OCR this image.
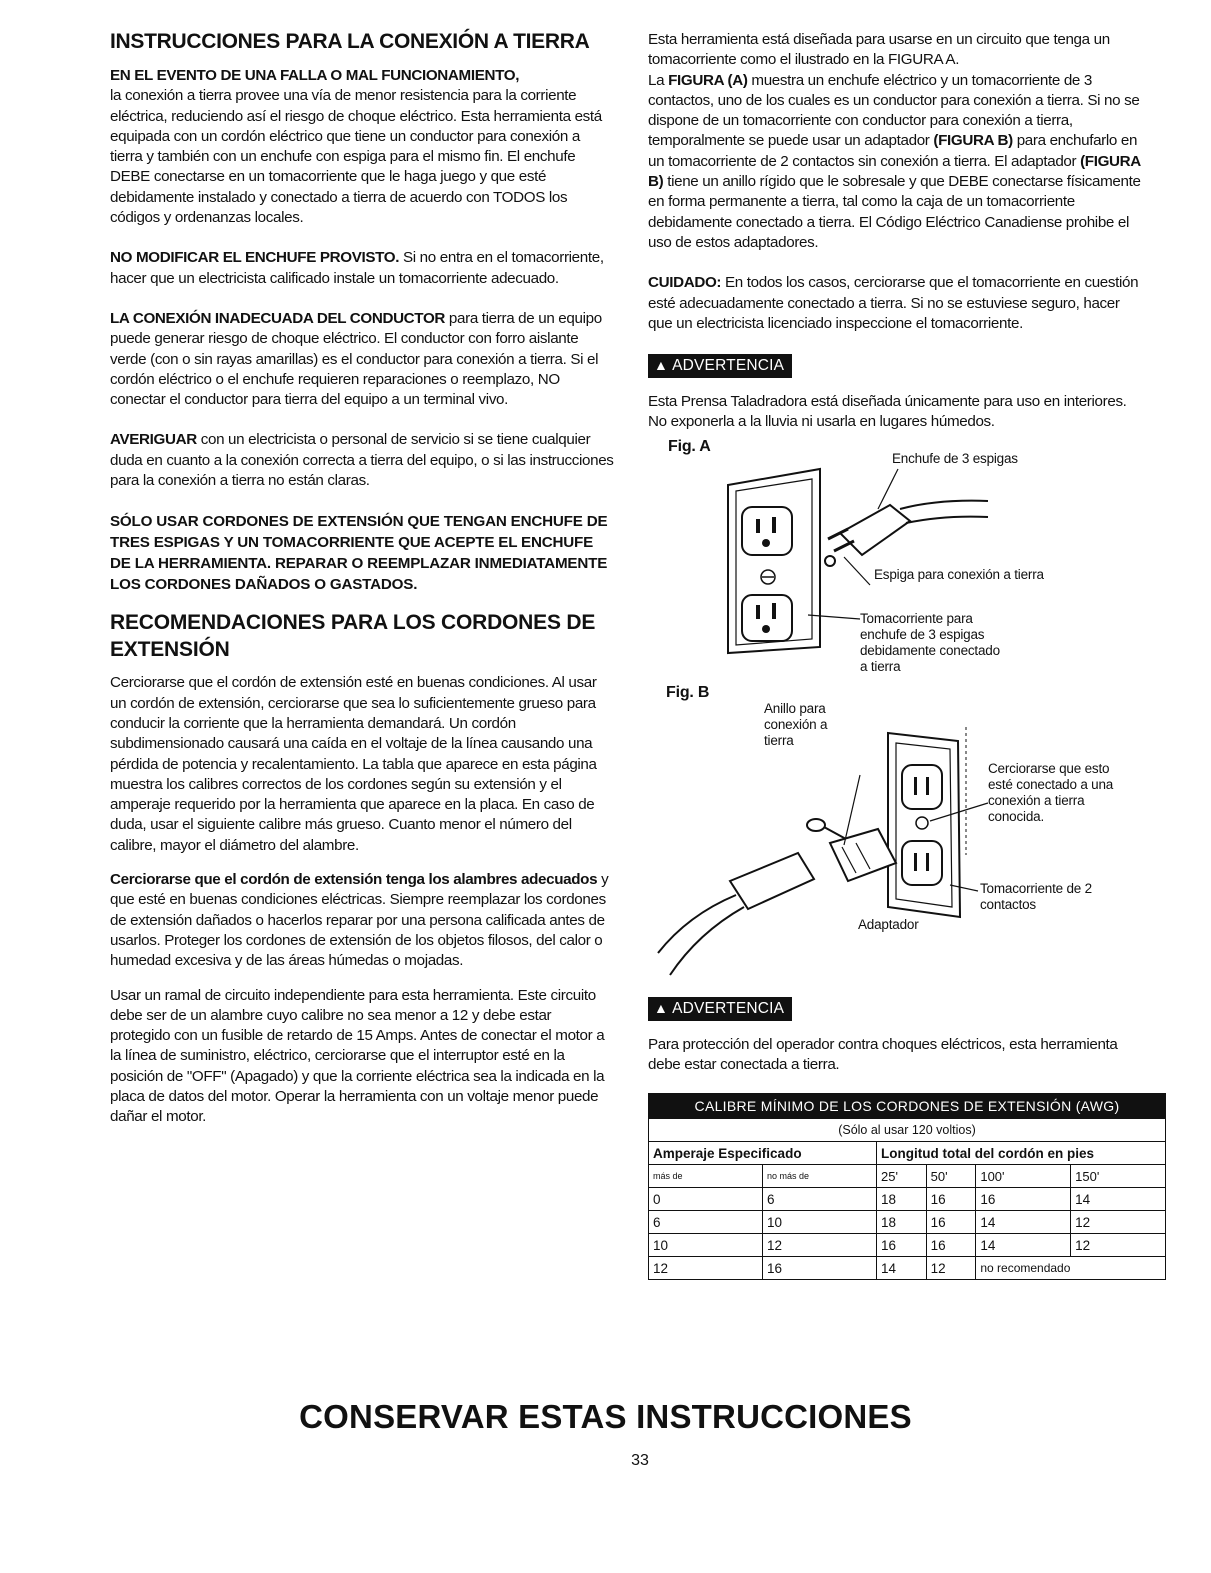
INSTRUCCIONES PARA LA CONEXIÓN A TIERRA

EN EL EVENTO DE UNA FALLA O MAL FUNCIONAMIENTO,
la conexión a tierra provee una vía de menor resistencia para la corriente eléctrica, reduciendo así el riesgo de choque eléctrico. Esta herramienta está equipada con un cordón eléctrico que tiene un conductor para conexión a tierra y también con un enchufe con espiga para el mismo fin. El enchufe DEBE conectarse en un tomacorriente que le haga juego y que esté debidamente instalado y conectado a tierra de acuerdo con TODOS los códigos y ordenanzas locales.

NO MODIFICAR EL ENCHUFE PROVISTO. Si no entra en el tomacorriente, hacer que un electricista calificado instale un tomacorriente adecuado.

LA CONEXIÓN INADECUADA DEL CONDUCTOR para tierra de un equipo puede generar riesgo de choque eléctrico. El conductor con forro aislante verde (con o sin rayas amarillas) es el conductor para conexión a tierra. Si el cordón eléctrico o el enchufe requieren reparaciones o reemplazo, NO conectar el conductor para tierra del equipo a un terminal vivo.

AVERIGUAR con un electricista o personal de servicio si se tiene cualquier duda en cuanto a la conexión correcta a tierra del equipo, o si las instrucciones para la conexión a tierra no están claras.

SÓLO USAR CORDONES DE EXTENSIÓN QUE TENGAN ENCHUFE DE TRES ESPIGAS Y UN TOMACORRIENTE QUE ACEPTE EL ENCHUFE DE LA HERRAMIENTA. REPARAR O REEMPLAZAR INMEDIATAMENTE LOS CORDONES DAÑADOS O GASTADOS.

RECOMENDACIONES PARA LOS CORDONES DE EXTENSIÓN

Cerciorarse que el cordón de extensión esté en buenas condiciones. Al usar un cordón de extensión, cerciorarse que sea lo suficientemente grueso para conducir la corriente que la herramienta demandará. Un cordón subdimensionado causará una caída en el voltaje de la línea causando una pérdida de potencia y recalentamiento. La tabla que aparece en esta página muestra los calibres correctos de los cordones según su extensión y el amperaje requerido por la herramienta que aparece en la placa. En caso de duda, usar el siguiente calibre más grueso. Cuanto menor el número del calibre, mayor el diámetro del alambre.

Cerciorarse que el cordón de extensión tenga los alambres adecuados y que esté en buenas condiciones eléctricas. Siempre reemplazar los cordones de extensión dañados o hacerlos reparar por una persona calificada antes de usarlos. Proteger los cordones de extensión de los objetos filosos, del calor o humedad excesiva y de las áreas húmedas o mojadas.

Usar un ramal de circuito independiente para esta herramienta. Este circuito debe ser de un alambre cuyo calibre no sea menor a 12 y debe estar protegido con un fusible de retardo de 15 Amps. Antes de conectar el motor a la línea de suministro, eléctrico, cerciorarse que el interruptor esté en la posición de "OFF" (Apagado) y que la corriente eléctrica sea la indicada en la placa de datos del motor. Operar la herramienta con un voltaje menor puede dañar el motor.

Esta herramienta está diseñada para usarse en un circuito que tenga un tomacorriente como el ilustrado en la FIGURA A.

La FIGURA (A) muestra un enchufe eléctrico y un tomacorriente de 3 contactos, uno de los cuales es un conductor para conexión a tierra. Si no se dispone de un tomacorriente con conductor para conexión a tierra, temporalmente se puede usar un adaptador (FIGURA B) para enchufarlo en un tomacorriente de 2 contactos sin conexión a tierra. El adaptador (FIGURA B) tiene un anillo rígido que le sobresale y que DEBE conectarse físicamente en forma permanente a tierra, tal como la caja de un tomacorriente debidamente conectado a tierra. El Código Eléctrico Canadiense prohibe el uso de estos adaptadores.

CUIDADO: En todos los casos, cerciorarse que el tomacorriente en cuestión esté adecuadamente conectado a tierra. Si no se estuviese seguro, hacer que un electricista licenciado inspeccione el tomacorriente.

▲ ADVERTENCIA

Esta Prensa Taladradora está diseñada únicamente para uso en interiores. No exponerla a la lluvia ni usarla en lugares húmedos.

Fig. A
Enchufe de 3 espigas
Espiga para conexión a tierra
Tomacorriente para enchufe de 3 espigas debidamente conectado a tierra
Fig. B
Anillo para conexión a tierra
Cerciorarse que esto esté conectado a una conexión a tierra conocida.
Adaptador
Tomacorriente de 2 contactos
▲ ADVERTENCIA

Para protección del operador contra choques eléctricos, esta herramienta debe estar conectada a tierra.

CALIBRE MÍNIMO DE LOS CORDONES DE EXTENSIÓN (AWG)					
(Sólo al usar 120 voltios)					
Amperaje Especificado		Longitud total del cordón en pies			
más de	no más de	25'	50'	100'	150'
0	6	18	16	16	14
6	10	18	16	14	12
10	12	16	16	14	12
12	16	14	12	no recomendado	
CONSERVAR ESTAS INSTRUCCIONES
33
